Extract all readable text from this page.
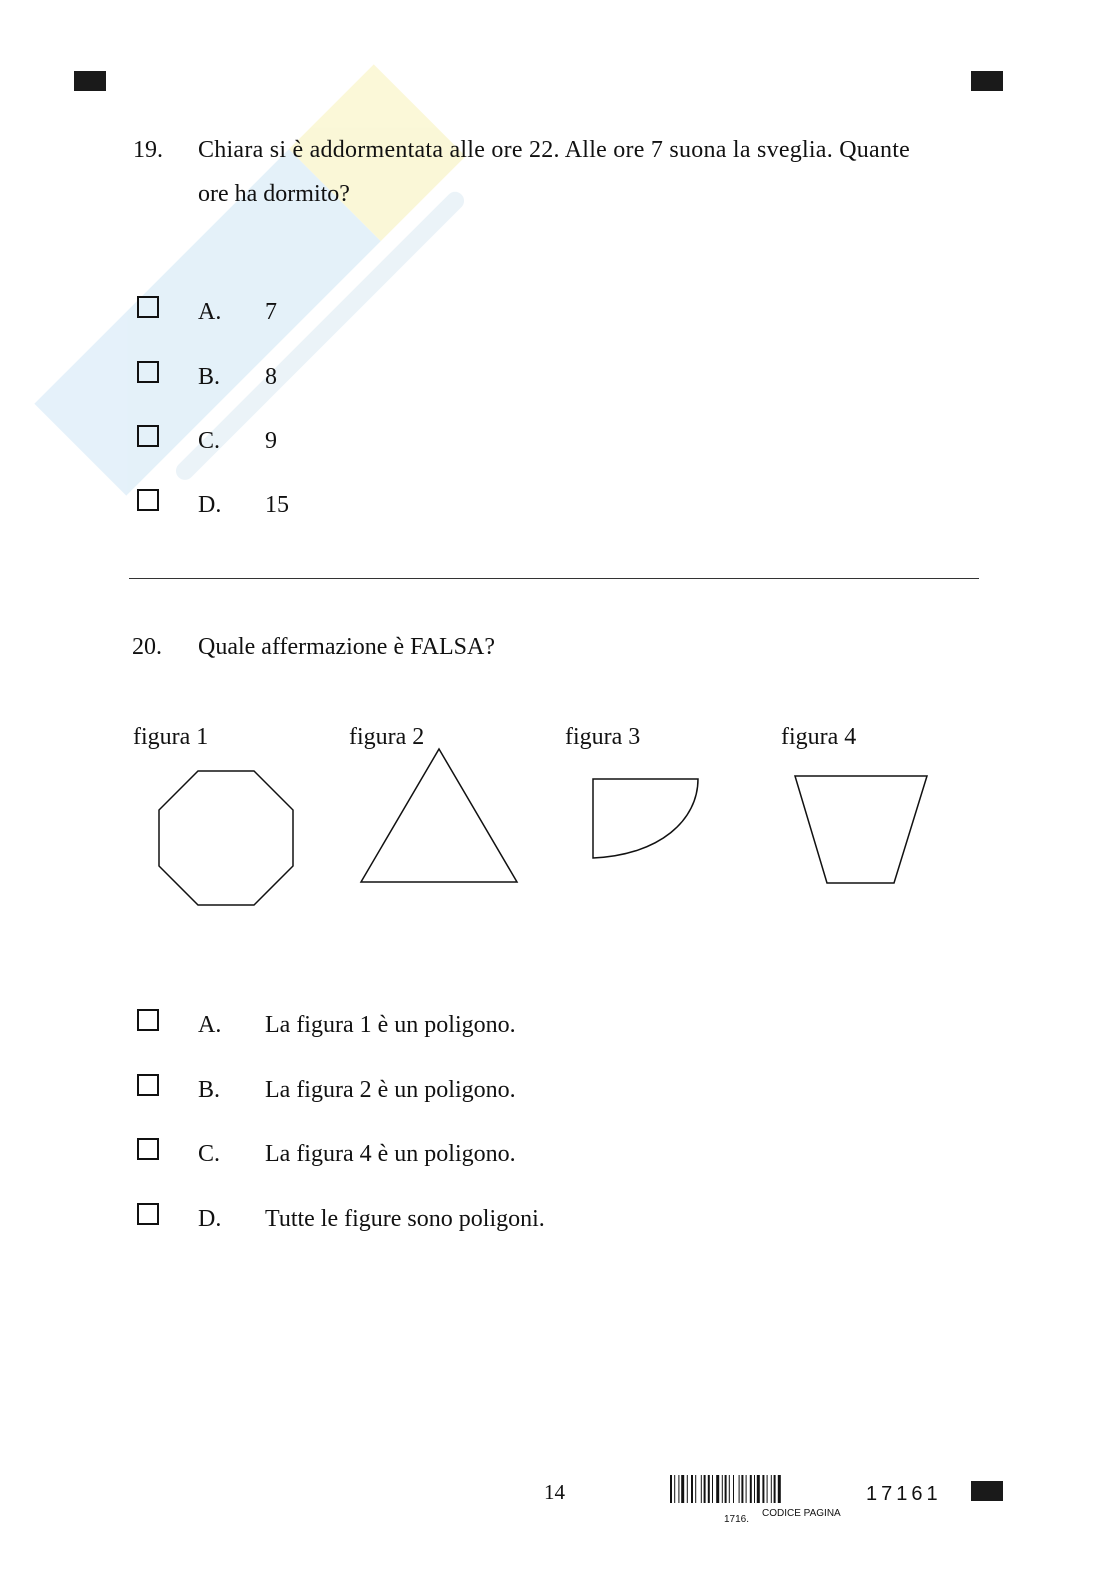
19. Chiara si è addormentata alle ore 22. Alle ore 7 suona la sveglia. Quante
ore ha dormito?
A. 7
B. 8
C. 9
D. 15
20. Quale affermazione è FALSA?
figura 1	figura 2	figura 3	figura 4
A. La figura 1 è un poligono.
B. La figura 2 è un poligono.
C. La figura 4 è un poligono.
D. Tutte le figure sono poligoni.
14
1716.
CODICE PAGINA
17161
